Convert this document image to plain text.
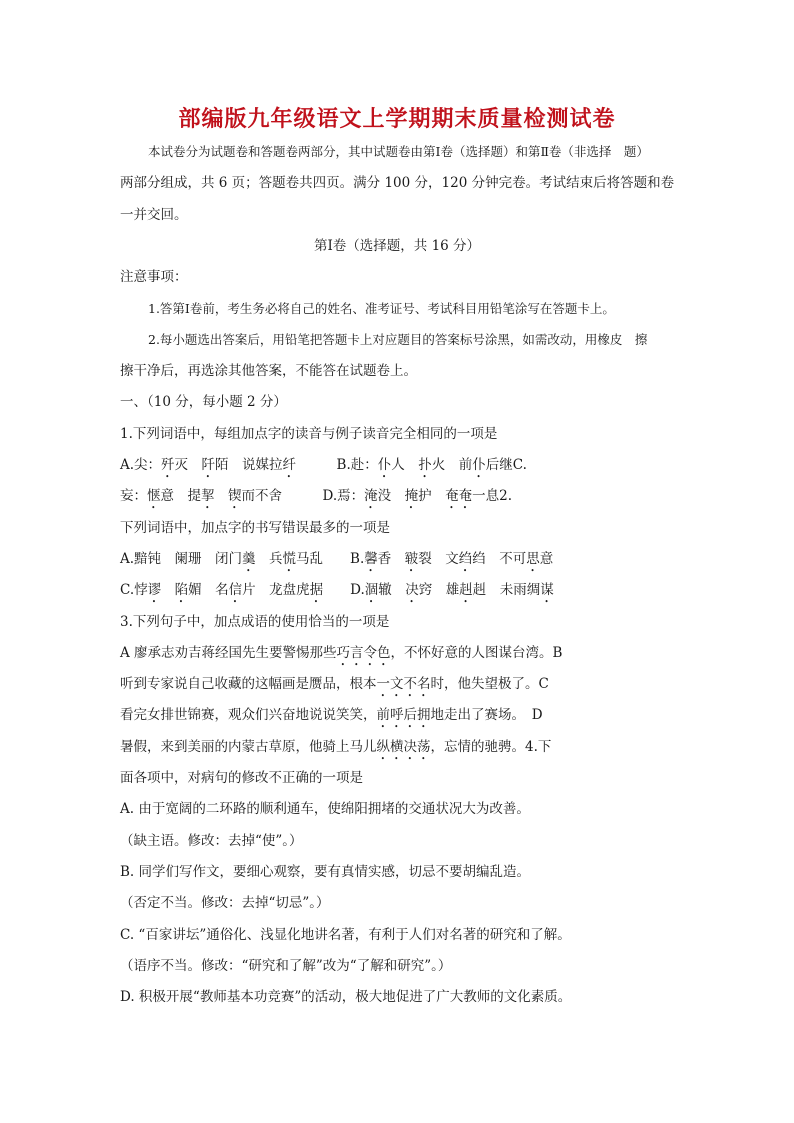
部编版九年级语文上学期期末质量检测试卷
本试卷分为试题卷和答题卷两部分，其中试题卷由第Ⅰ卷（选择题）和第Ⅱ卷（非选择　题）
两部分组成，共 6 页；答题卷共四页。满分 100 分，120 分钟完卷。考试结束后将答题和卷
一并交回。
第Ⅰ卷（选择题，共 16 分）
注意事项：
1.答第Ⅰ卷前，考生务必将自己的姓名、准考证号、考试科目用铅笔涂写在答题卡上。
2.每小题选出答案后，用铅笔把答题卡上对应题目的答案标号涂黑，如需改动，用橡皮　擦
擦干净后，再选涂其他答案，不能答在试题卷上。
一、（10 分，每小题 2 分）
1.下列词语中，每组加点字的读音与例子读音完全相同的一项是
A.尖：歼灭　阡陌　说媒拉纤　　　B.赴：仆人　扑火　前仆后继C.
妄：惬意　提挈　 锲而不舍　　　D.焉：淹没　掩护　奄奄一息2.
下列词语中，加点字的书写错误最多的一项是
A.黯钝　阑珊　闭门羹　兵慌马乱　　B.馨香　皲裂　文绉绉　不可思意
C.悖谬　 陷媚　名信片　龙盘虎据　　D.涸辙　决窍　雄赳赳　未雨绸谋
3.下列句子中，加点成语的使用恰当的一项是
A 廖承志劝吉蒋经国先生要警惕那些巧言令色，不怀好意的人图谋台湾。B
听到专家说自己收藏的这幅画是赝品，根本一文不名时，他失望极了。C
看完女排世锦赛，观众们兴奋地说说笑笑，前呼后拥地走出了赛场。　D
暑假，来到美丽的内蒙古草原，他骑上马儿纵横决荡，忘情的驰骋。4.下
面各项中，对病句的修改不正确的一项是
A. 由于宽阔的二环路的顺利通车，使绵阳拥堵的交通状况大为改善。
（缺主语。修改：去掉“使”。）
B. 同学们写作文，要细心观察，要有真情实感，切忌不要胡编乱造。
（否定不当。修改：去掉“切忌”。）
C. “百家讲坛”通俗化、浅显化地讲名著，有利于人们对名著的研究和了解。
（语序不当。修改：“研究和了解”改为“了解和研究”。）
D. 积极开展“教师基本功竞赛”的活动，极大地促进了广大教师的文化素质。
